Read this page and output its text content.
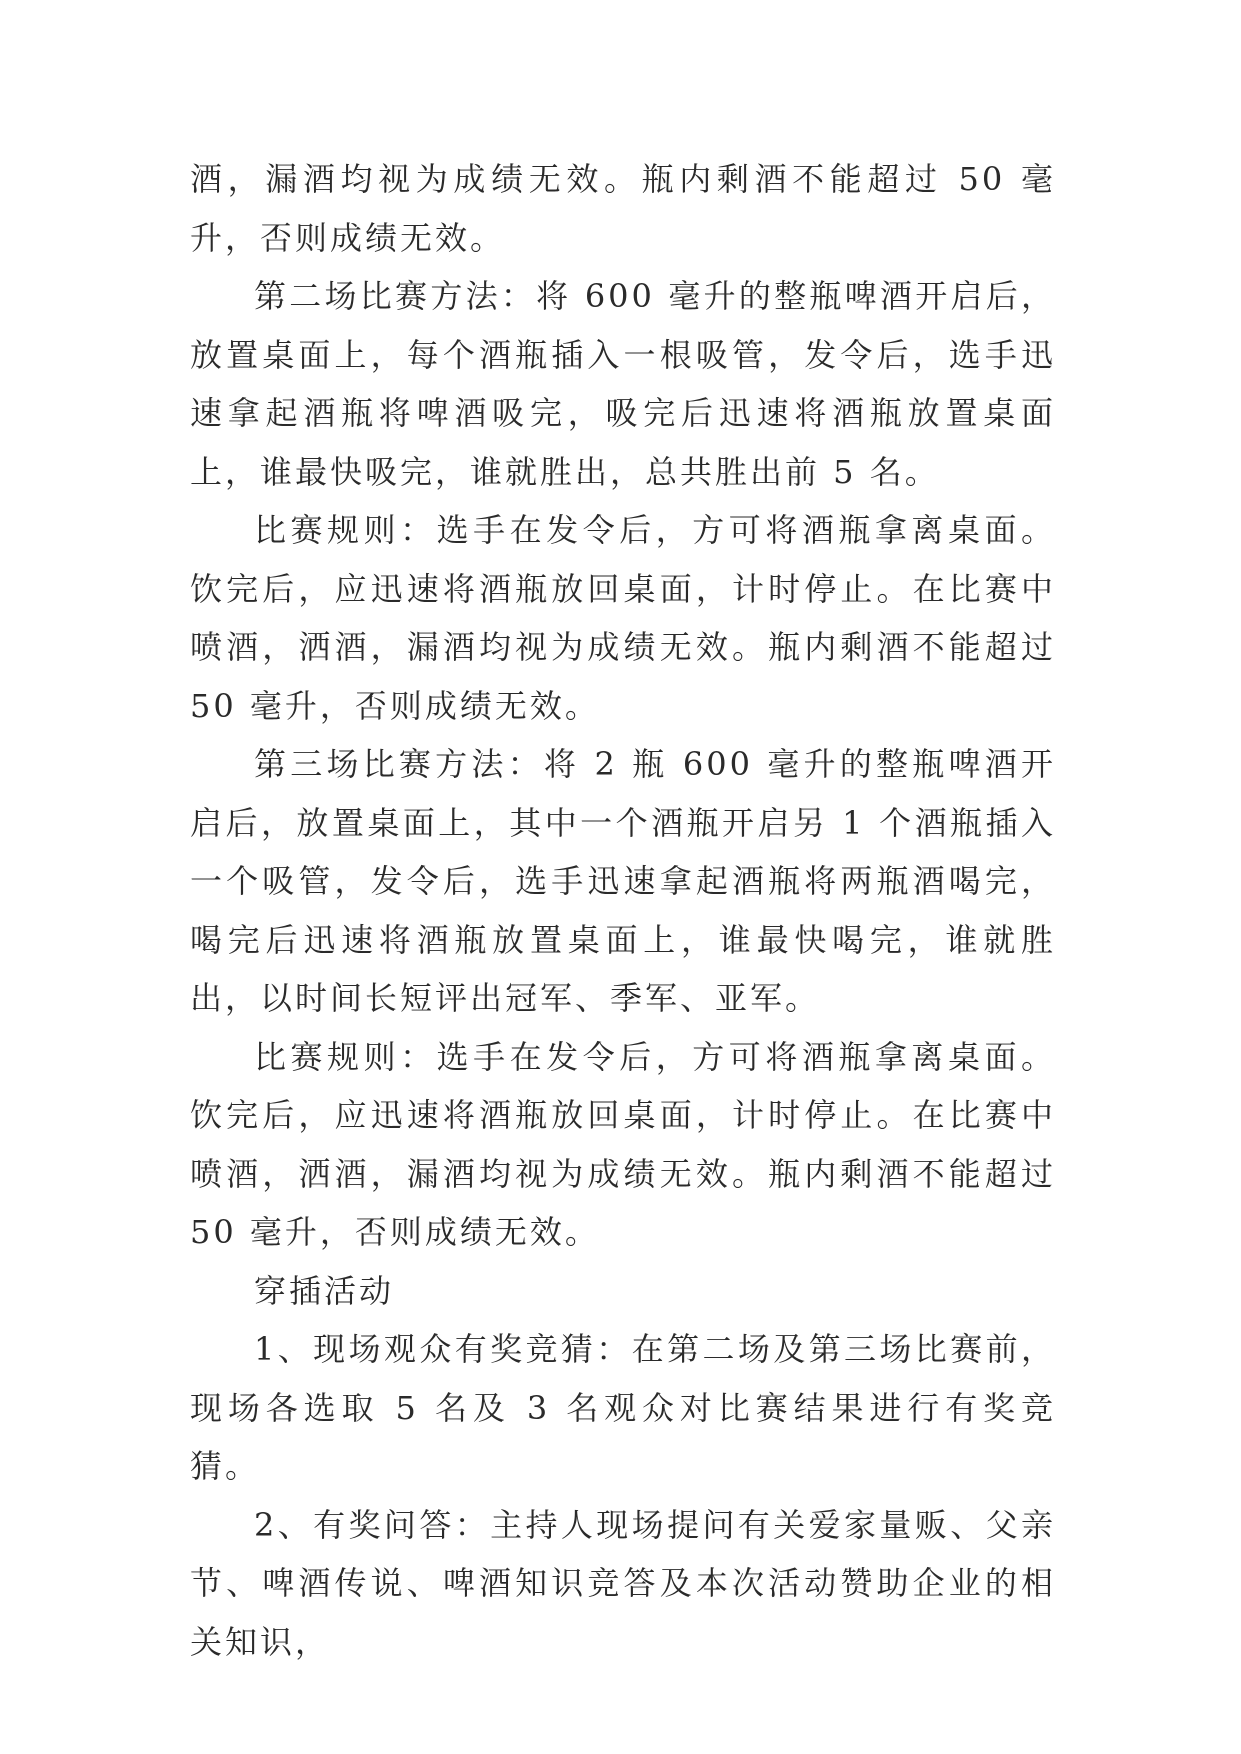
酒，漏酒均视为成绩无效。瓶内剩酒不能超过 50 毫升，否则成绩无效。

第二场比赛方法：将 600 毫升的整瓶啤酒开启后，放置桌面上，每个酒瓶插入一根吸管，发令后，选手迅速拿起酒瓶将啤酒吸完，吸完后迅速将酒瓶放置桌面上，谁最快吸完，谁就胜出，总共胜出前 5 名。

比赛规则：选手在发令后，方可将酒瓶拿离桌面。饮完后，应迅速将酒瓶放回桌面，计时停止。在比赛中喷酒，洒酒，漏酒均视为成绩无效。瓶内剩酒不能超过 50 毫升，否则成绩无效。

第三场比赛方法：将 2 瓶 600 毫升的整瓶啤酒开启后，放置桌面上，其中一个酒瓶开启另 1 个酒瓶插入一个吸管，发令后，选手迅速拿起酒瓶将两瓶酒喝完，喝完后迅速将酒瓶放置桌面上，谁最快喝完，谁就胜出，以时间长短评出冠军、季军、亚军。

比赛规则：选手在发令后，方可将酒瓶拿离桌面。饮完后，应迅速将酒瓶放回桌面，计时停止。在比赛中喷酒，洒酒，漏酒均视为成绩无效。瓶内剩酒不能超过 50 毫升，否则成绩无效。

穿插活动

1、现场观众有奖竞猜：在第二场及第三场比赛前，现场各选取 5 名及 3 名观众对比赛结果进行有奖竞猜。

2、有奖问答：主持人现场提问有关爱家量贩、父亲节、啤酒传说、啤酒知识竞答及本次活动赞助企业的相关知识，
